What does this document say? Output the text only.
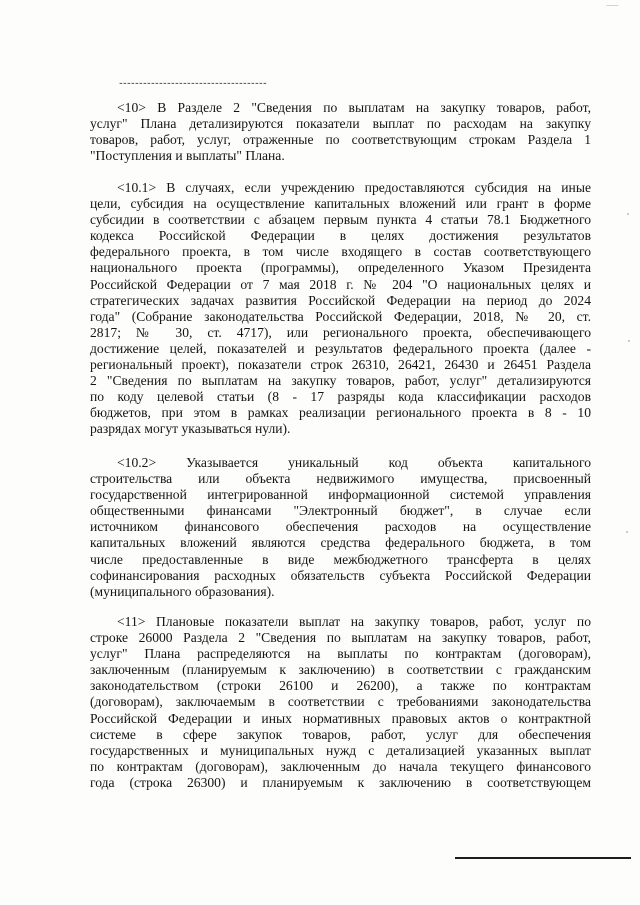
~~~~~
-------------------------------------
<10> В Разделе 2 "Сведения по выплатам на закупку товаров, работ,
услуг" Плана детализируются показатели выплат по расходам на закупку
товаров, работ, услуг, отраженные по соответствующим строкам Раздела 1
"Поступления и выплаты" Плана.
<10.1> В случаях, если учреждению предоставляются субсидия на иные
цели, субсидия на осуществление капитальных вложений или грант в форме
субсидии в соответствии с абзацем первым пункта 4 статьи 78.1 Бюджетного
кодекса Российской Федерации в целях достижения результатов
федерального проекта, в том числе входящего в состав соответствующего
национального проекта (программы), определенного Указом Президента
Российской Федерации от 7 мая 2018 г. № 204 "О национальных целях и
стратегических задачах развития Российской Федерации на период до 2024
года" (Собрание законодательства Российской Федерации, 2018, № 20, ст.
2817; № 30, ст. 4717), или регионального проекта, обеспечивающего
достижение целей, показателей и результатов федерального проекта (далее -
региональный проект), показатели строк 26310, 26421, 26430 и 26451 Раздела
2 "Сведения по выплатам на закупку товаров, работ, услуг" детализируются
по коду целевой статьи (8 - 17 разряды кода классификации расходов
бюджетов, при этом в рамках реализации регионального проекта в 8 - 10
разрядах могут указываться нули).
<10.2> Указывается уникальный код объекта капитального
строительства или объекта недвижимого имущества, присвоенный
государственной интегрированной информационной системой управления
общественными финансами "Электронный бюджет", в случае если
источником финансового обеспечения расходов на осуществление
капитальных вложений являются средства федерального бюджета, в том
числе предоставленные в виде межбюджетного трансферта в целях
софинансирования расходных обязательств субъекта Российской Федерации
(муниципального образования).
<11> Плановые показатели выплат на закупку товаров, работ, услуг по
строке 26000 Раздела 2 "Сведения по выплатам на закупку товаров, работ,
услуг" Плана распределяются на выплаты по контрактам (договорам),
заключенным (планируемым к заключению) в соответствии с гражданским
законодательством (строки 26100 и 26200), а также по контрактам
(договорам), заключаемым в соответствии с требованиями законодательства
Российской Федерации и иных нормативных правовых актов о контрактной
системе в сфере закупок товаров, работ, услуг для обеспечения
государственных и муниципальных нужд с детализацией указанных выплат
по контрактам (договорам), заключенным до начала текущего финансового
года (строка 26300) и планируемым к заключению в соответствующем
